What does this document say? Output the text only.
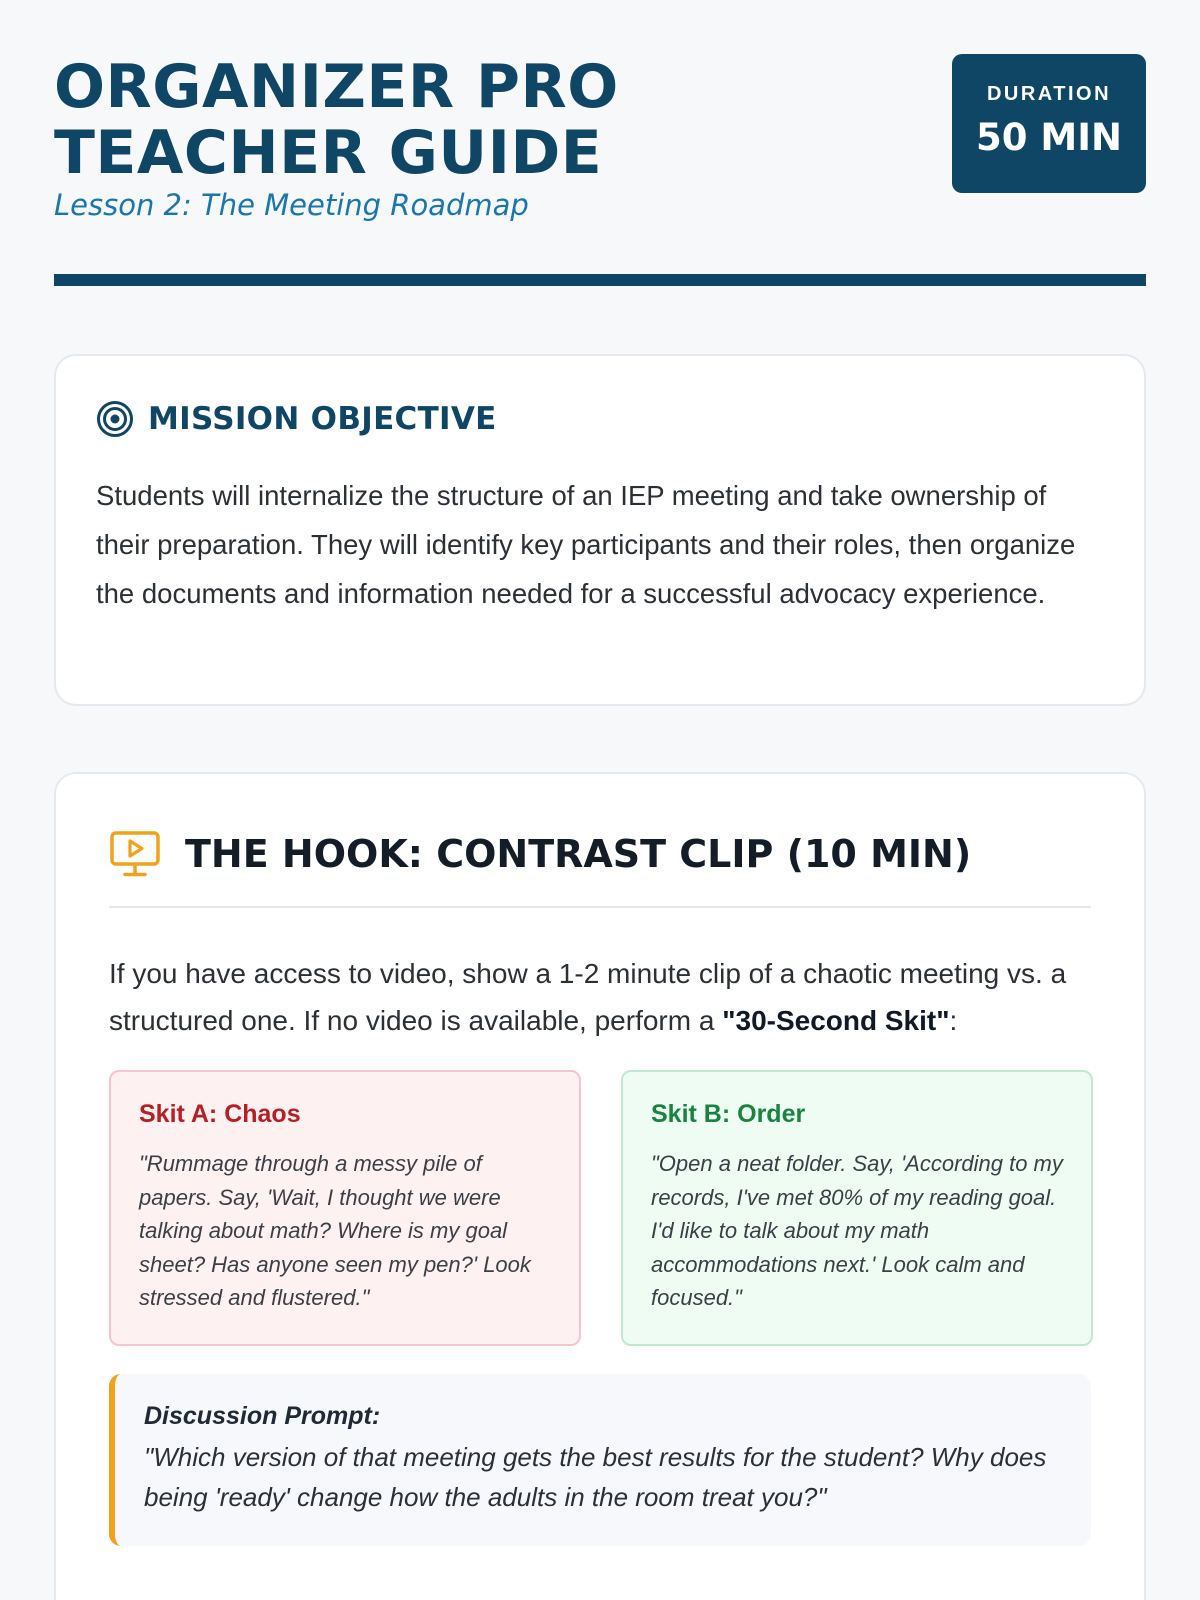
ORGANIZER PRO TEACHER GUIDE
Lesson 2: The Meeting Roadmap
DURATION
50 MIN
MISSION OBJECTIVE

Students will internalize the structure of an IEP meeting and take ownership of their preparation. They will identify key participants and their roles, then organize the documents and information needed for a successful advocacy experience.

THE HOOK: CONTRAST CLIP (10 MIN)

If you have access to video, show a 1-2 minute clip of a chaotic meeting vs. a structured one. If no video is available, perform a "30-Second Skit":

Skit A: Chaos

"Rummage through a messy pile of papers. Say, 'Wait, I thought we were talking about math? Where is my goal sheet? Has anyone seen my pen?' Look stressed and flustered."

Skit B: Order

"Open a neat folder. Say, 'According to my records, I've met 80% of my reading goal. I'd like to talk about my math accommodations next.' Look calm and focused."

Discussion Prompt:

"Which version of that meeting gets the best results for the student? Why does being 'ready' change how the adults in the room treat you?"
